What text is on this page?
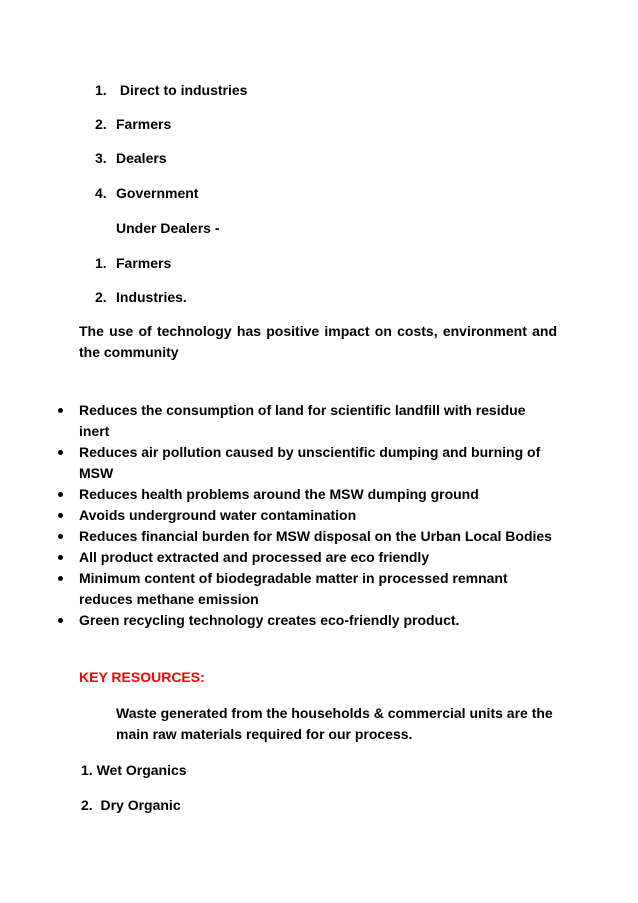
1. Direct to industries
2. Farmers
3. Dealers
4. Government
Under Dealers -
1. Farmers
2. Industries.
The use of technology has positive impact on costs, environment and the community
Reduces the consumption of land for scientific landfill with residue inert
Reduces air pollution caused by unscientific dumping and burning of MSW
Reduces health problems around the MSW dumping ground
Avoids underground water contamination
Reduces financial burden for MSW disposal on the Urban Local Bodies
All product extracted and processed are eco friendly
Minimum content of biodegradable matter in processed remnant reduces methane emission
Green recycling technology creates eco-friendly product.
KEY RESOURCES:
Waste generated from the households & commercial units are the main raw materials required for our process.
1. Wet Organics
2.  Dry Organic
